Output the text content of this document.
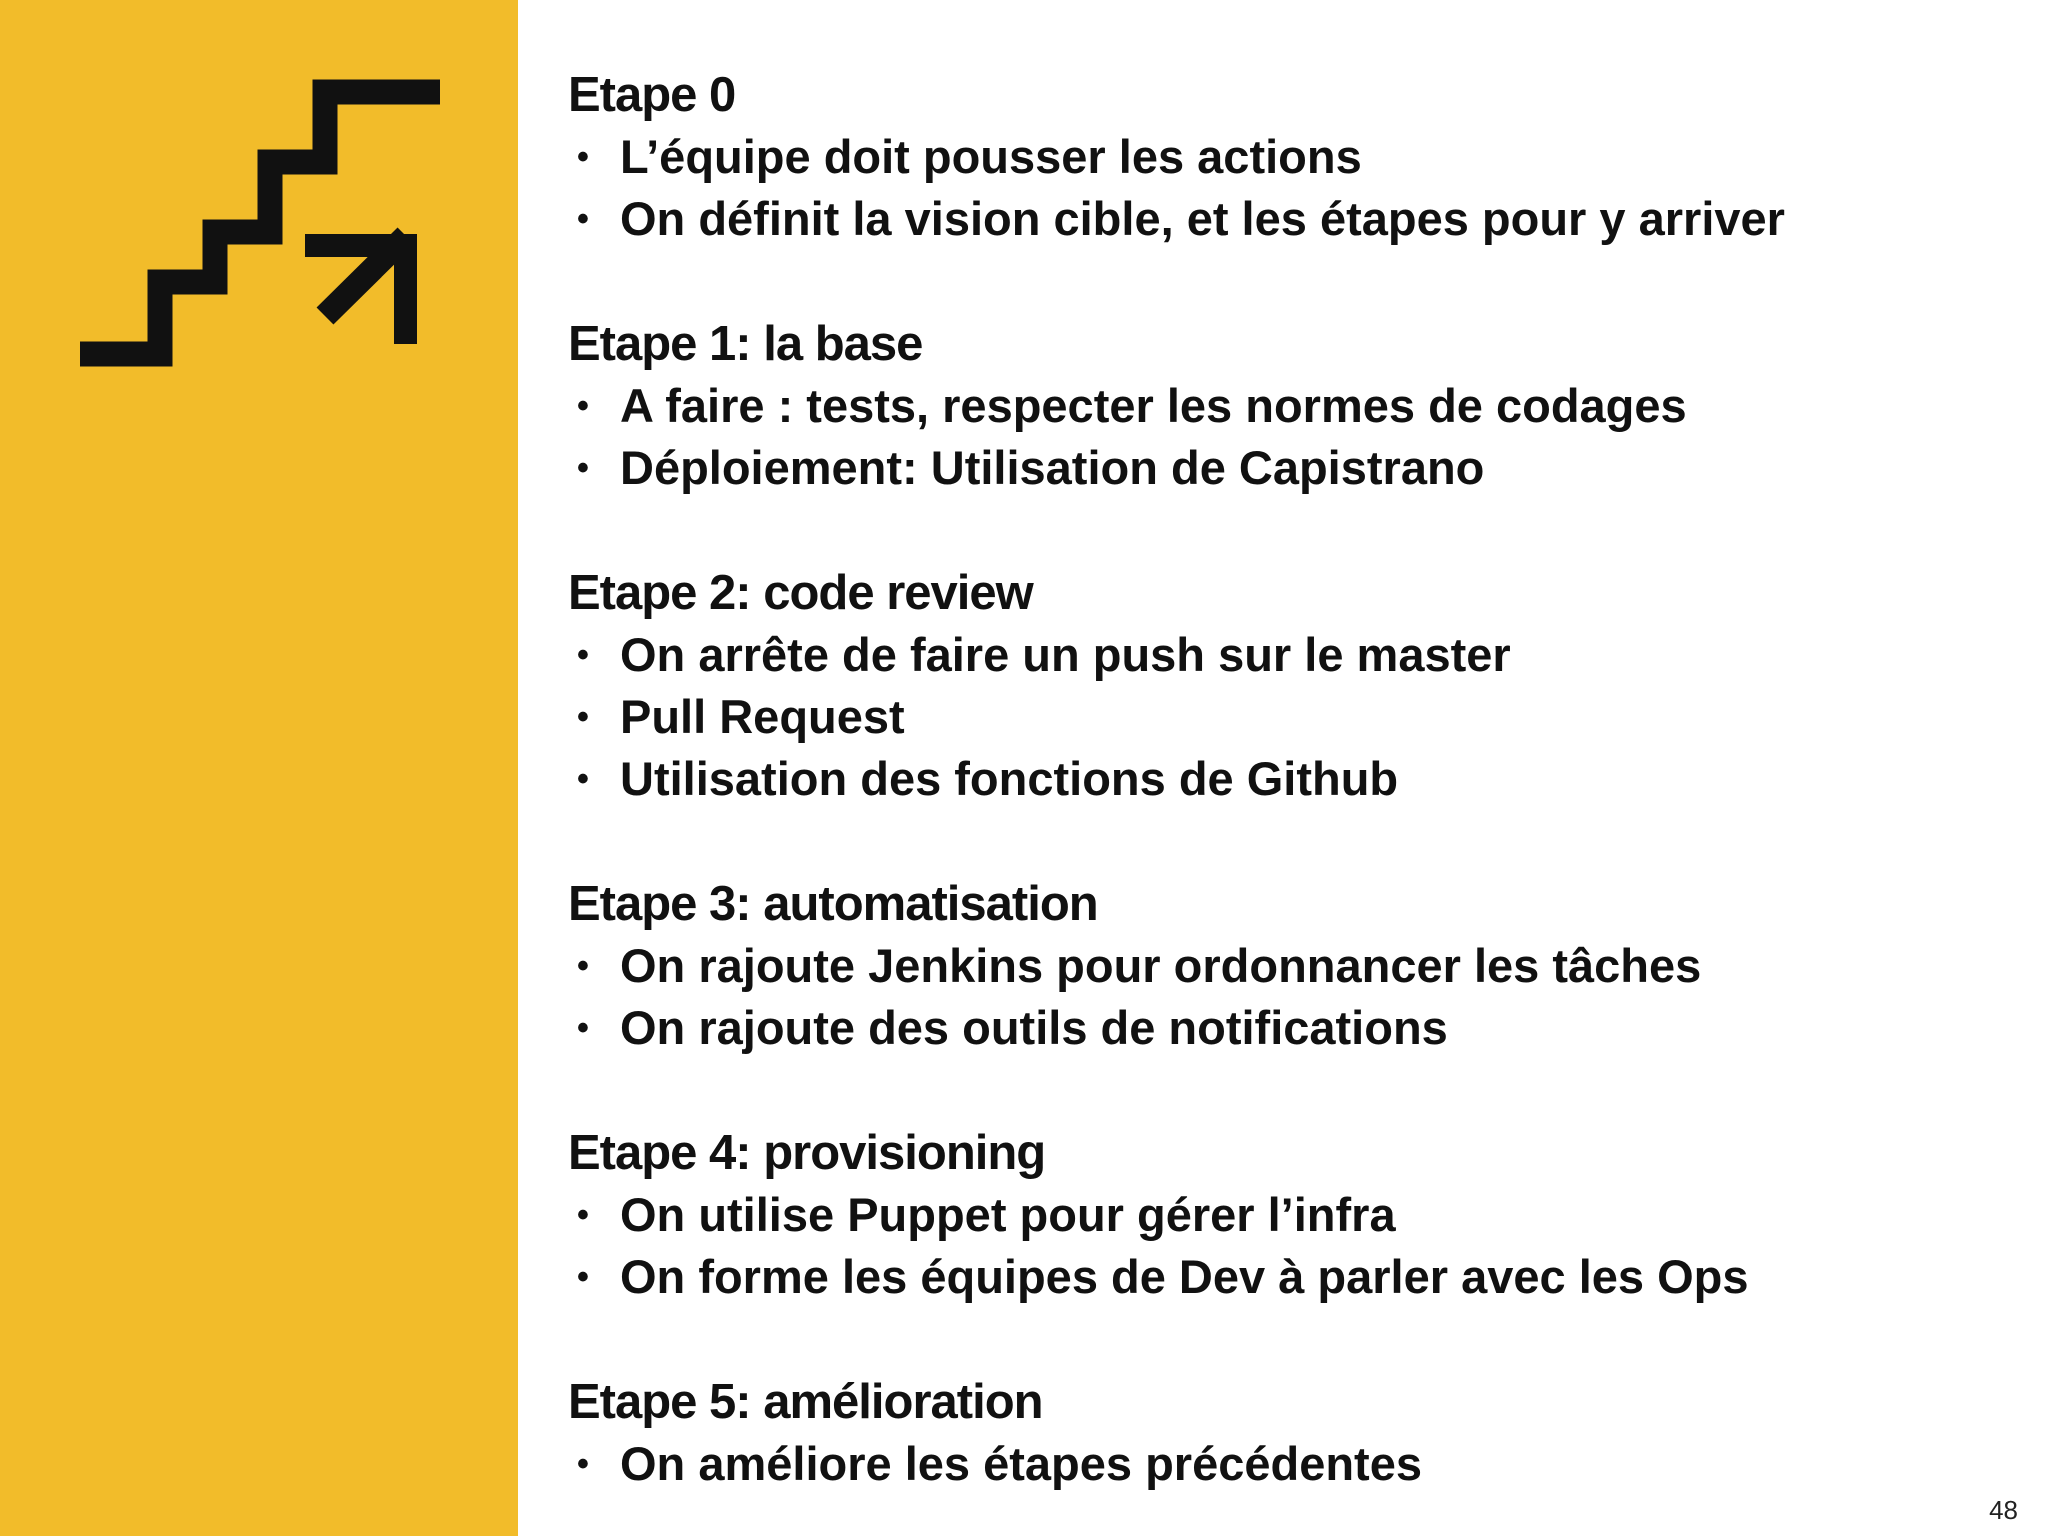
Etape 0
• L’équipe doit pousser les actions
• On définit la vision cible, et les étapes pour y arriver
Etape 1: la base
• A faire : tests, respecter les normes de codages
• Déploiement: Utilisation de Capistrano
Etape 2: code review
• On arrête de faire un push sur le master
• Pull Request
• Utilisation des fonctions de Github
Etape 3: automatisation
• On rajoute Jenkins pour ordonnancer les tâches
• On rajoute des outils de notifications
Etape 4: provisioning
• On utilise Puppet pour gérer l’infra
• On forme les équipes de Dev à parler avec les Ops
Etape 5: amélioration
• On améliore les étapes précédentes
48
